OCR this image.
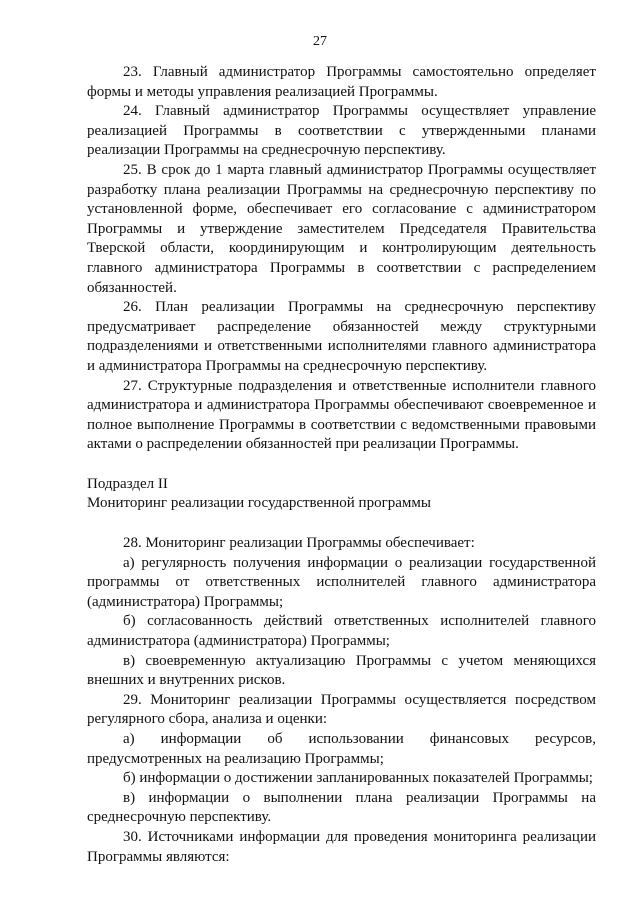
27

23. Главный администратор Программы самостоятельно определяет формы и методы управления реализацией Программы.

24. Главный администратор Программы осуществляет управление реализацией Программы в соответствии с утвержденными планами реализации Программы на среднесрочную перспективу.

25. В срок до 1 марта главный администратор Программы осуществляет разработку плана реализации Программы на среднесрочную перспективу по установленной форме, обеспечивает его согласование с администратором Программы и утверждение заместителем Председателя Правительства Тверской области, координирующим и контролирующим деятельность главного администратора Программы в соответствии с распределением обязанностей.

26. План реализации Программы на среднесрочную перспективу предусматривает распределение обязанностей между структурными подразделениями и ответственными исполнителями главного администратора и администратора Программы на среднесрочную перспективу.

27. Структурные подразделения и ответственные исполнители главного администратора и администратора Программы обеспечивают своевременное и полное выполнение Программы в соответствии с ведомственными правовыми актами о распределении обязанностей при реализации Программы.

Подраздел II
Мониторинг реализации государственной программы

28. Мониторинг реализации Программы обеспечивает:

а) регулярность получения информации о реализации государственной программы от ответственных исполнителей главного администратора (администратора) Программы;

б) согласованность действий ответственных исполнителей главного администратора (администратора) Программы;

в) своевременную актуализацию Программы с учетом меняющихся внешних и внутренних рисков.

29. Мониторинг реализации Программы осуществляется посредством регулярного сбора, анализа и оценки:

а) информации об использовании финансовых ресурсов, предусмотренных на реализацию Программы;

б) информации о достижении запланированных показателей Программы;

в) информации о выполнении плана реализации Программы на среднесрочную перспективу.

30. Источниками информации для проведения мониторинга реализации Программы являются:
